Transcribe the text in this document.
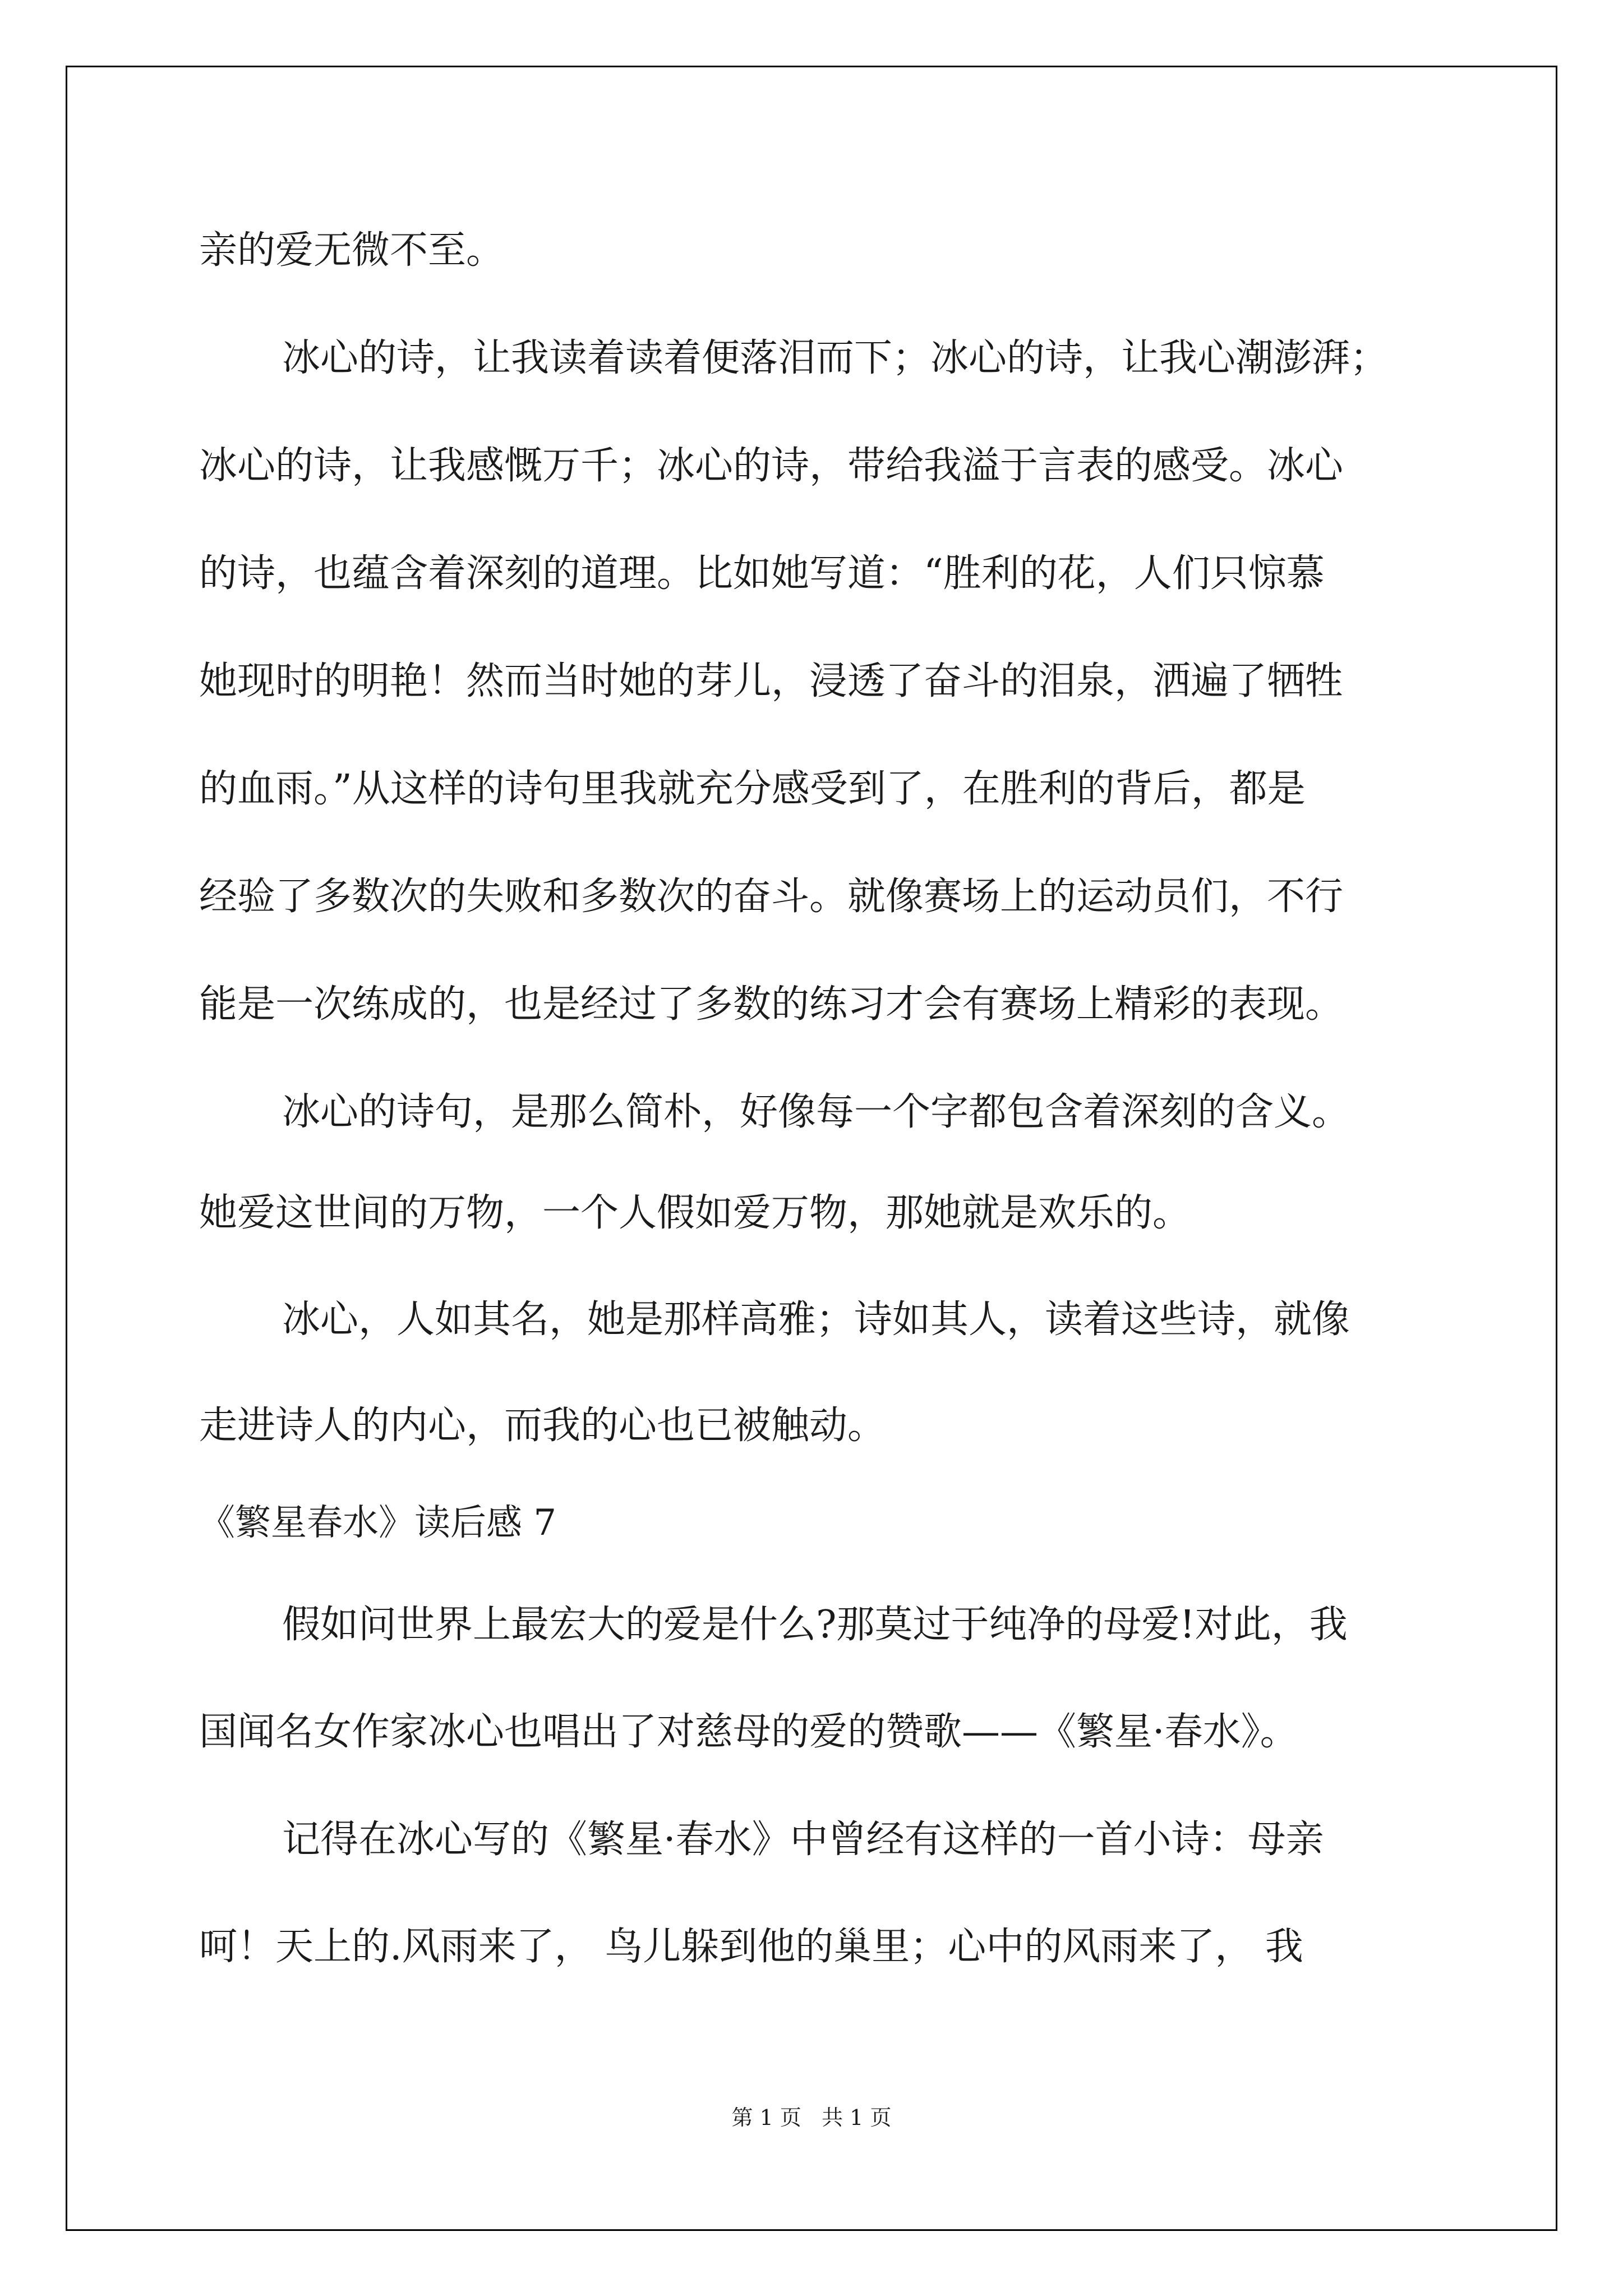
亲的爱无微不至。

冰心的诗，让我读着读着便落泪而下；冰心的诗，让我心潮澎湃；

冰心的诗，让我感慨万千；冰心的诗，带给我溢于言表的感受。冰心

的诗，也蕴含着深刻的道理。比如她写道：“胜利的花，人们只惊慕

她现时的明艳！然而当时她的芽儿，浸透了奋斗的泪泉，洒遍了牺牲

的血雨。”从这样的诗句里我就充分感受到了，在胜利的背后，都是

经验了多数次的失败和多数次的奋斗。就像赛场上的运动员们，不行

能是一次练成的，也是经过了多数的练习才会有赛场上精彩的表现。

冰心的诗句，是那么简朴，好像每一个字都包含着深刻的含义。

她爱这世间的万物，一个人假如爱万物，那她就是欢乐的。

冰心，人如其名，她是那样高雅；诗如其人，读着这些诗，就像

走进诗人的内心，而我的心也已被触动。

《繁星春水》读后感 7

假如问世界上最宏大的爱是什么?那莫过于纯净的母爱!对此，我

国闻名女作家冰心也唱出了对慈母的爱的赞歌——《繁星·春水》。

记得在冰心写的《繁星·春水》中曾经有这样的一首小诗：母亲

呵！天上的.风雨来了， 鸟儿躲到他的巢里；心中的风雨来了， 我

第 1 页   共 1 页
